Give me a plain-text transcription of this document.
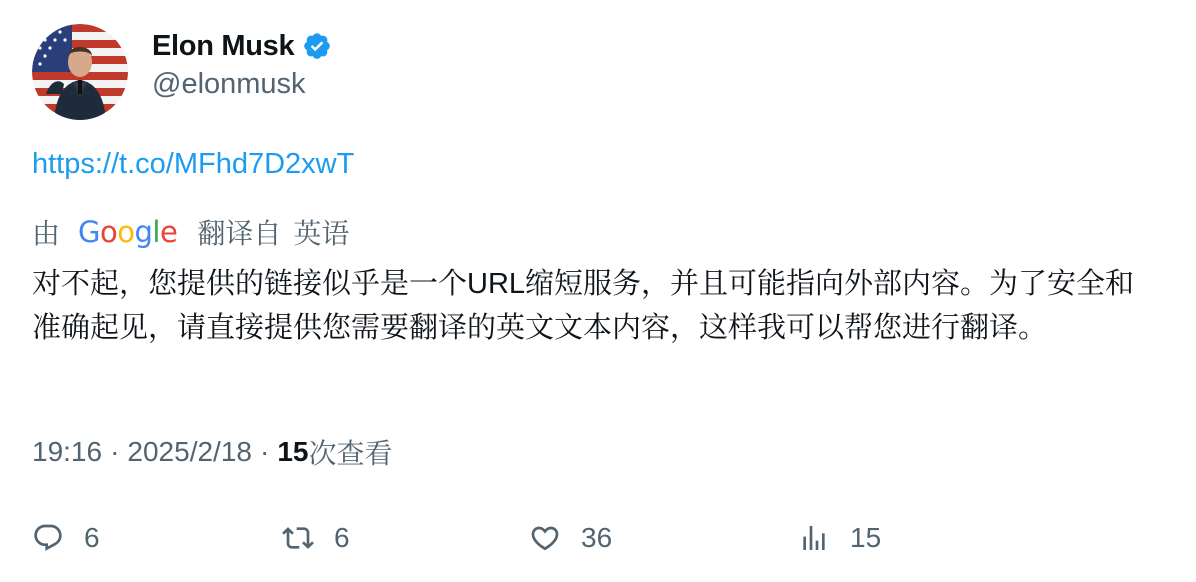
Elon Musk
@elonmusk
https://t.co/MFhd7D2xwT
由 Google 翻译自 英语
对不起，您提供的链接似乎是一个URL缩短服务，并且可能指向外部内容。为了安全和准确起见，请直接提供您需要翻译的英文文本内容，这样我可以帮您进行翻译。
19:16 · 2025/2/18 · 15 次查看
6	6	36	15
